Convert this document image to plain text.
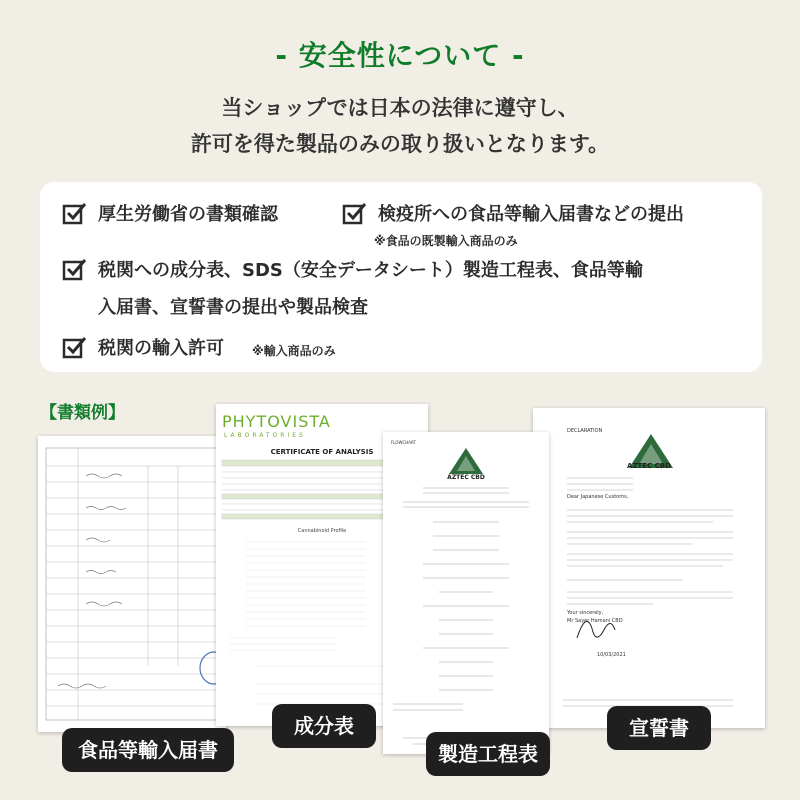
- 安全性について -
当ショップでは日本の法律に遵守し、
許可を得た製品のみの取り扱いとなります。
厚生労働省の書類確認	検疫所への食品等輸入届書などの提出
※食品の既製輸入商品のみ
税関への成分表、SDS（安全データシート）製造工程表、食品等輸
入届書、宣誓書の提出や製品検査
税関の輸入許可 ※輸入商品のみ
【書類例】	PHYTOVISTA
LABORATORIES
CERTIFICATE OF ANALYSIS
Cannabinoid Profile
DECLARATION
AZTEC CBD
Dear Japanese Customs,
Your sincerely,
Mr Sayer Hamani CBD
10/03/2021
FLOWCHART
AZTEC CBD
食品等輸入届書
成分表
製造工程表
宣誓書
